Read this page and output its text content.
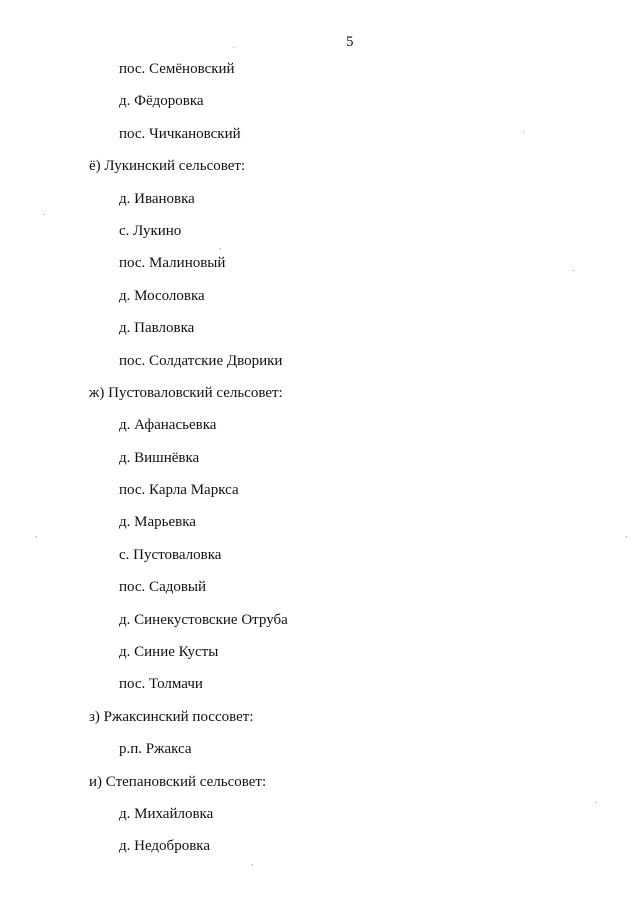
5
пос. Семёновский
д. Фёдоровка
пос. Чичкановский
ё) Лукинский сельсовет:
д. Ивановка
с. Лукино
пос. Малиновый
д. Мосоловка
д. Павловка
пос. Солдатские Дворики
ж) Пустоваловский сельсовет:
д. Афанасьевка
д. Вишнёвка
пос. Карла Маркса
д. Марьевка
с. Пустоваловка
пос. Садовый
д. Синекустовские Отруба
д. Синие Кусты
пос. Толмачи
з) Ржаксинский поссовет:
р.п. Ржакса
и) Степановский сельсовет:
д. Михайловка
д. Недобровка
